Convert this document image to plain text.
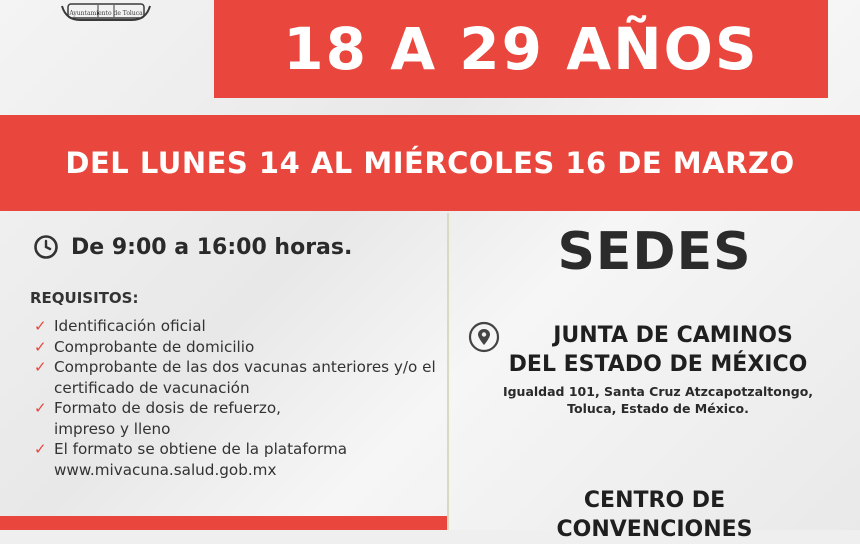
Ayuntamiento de Toluca
18 A 29 AÑOS
DEL LUNES 14 AL MIÉRCOLES 16 DE MARZO
De 9:00 a 16:00 horas.
REQUISITOS:
✓ Identificación oficial
✓ Comprobante de domicilio
✓ Comprobante de las dos vacunas anteriores y/o el certificado de vacunación
✓ Formato de dosis de refuerzo, impreso y lleno
✓ El formato se obtiene de la plataforma
www.mivacuna.salud.gob.mx
SEDES
JUNTA DE CAMINOS
DEL ESTADO DE MÉXICO
Igualdad 101, Santa Cruz Atzcapotzaltongo,
Toluca, Estado de México.
CENTRO DE
CONVENCIONES
